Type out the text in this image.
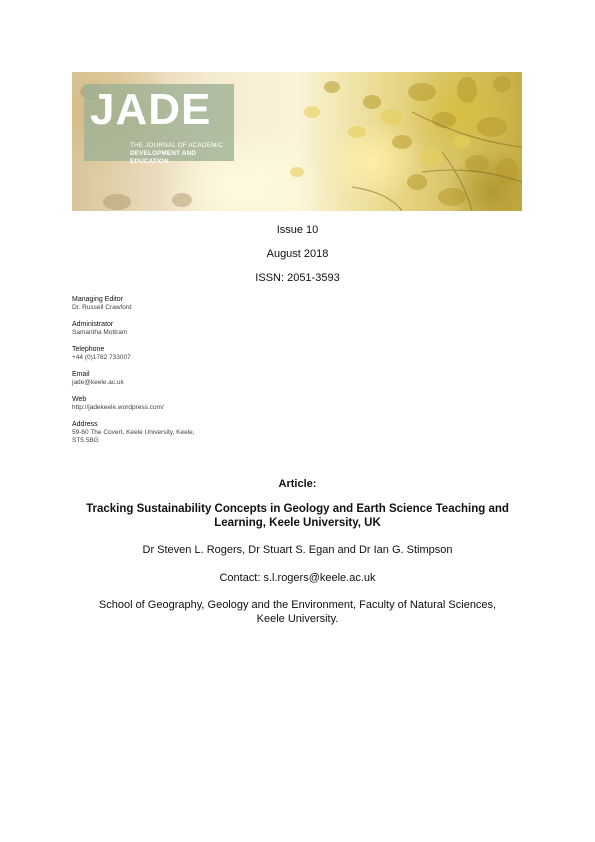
JADE
THE JOURNAL OF ACADEMIC
DEVELOPMENT AND EDUCATION
Issue 10
August 2018
ISSN: 2051-3593
Managing Editor
Dr. Russell Crawford
Administrator
Samantha Mottram
Telephone
+44 (0)1782 733007
Email
jade@keele.ac.uk
Web
http://jadekeele.wordpress.com/
Address
59-60 The Covert, Keele University, Keele,
ST5 5BG
Article:
Tracking Sustainability Concepts in Geology and Earth Science Teaching and
Learning, Keele University, UK
Dr Steven L. Rogers, Dr Stuart S. Egan and Dr Ian G. Stimpson
Contact: s.l.rogers@keele.ac.uk
School of Geography, Geology and the Environment, Faculty of Natural Sciences,
Keele University.
